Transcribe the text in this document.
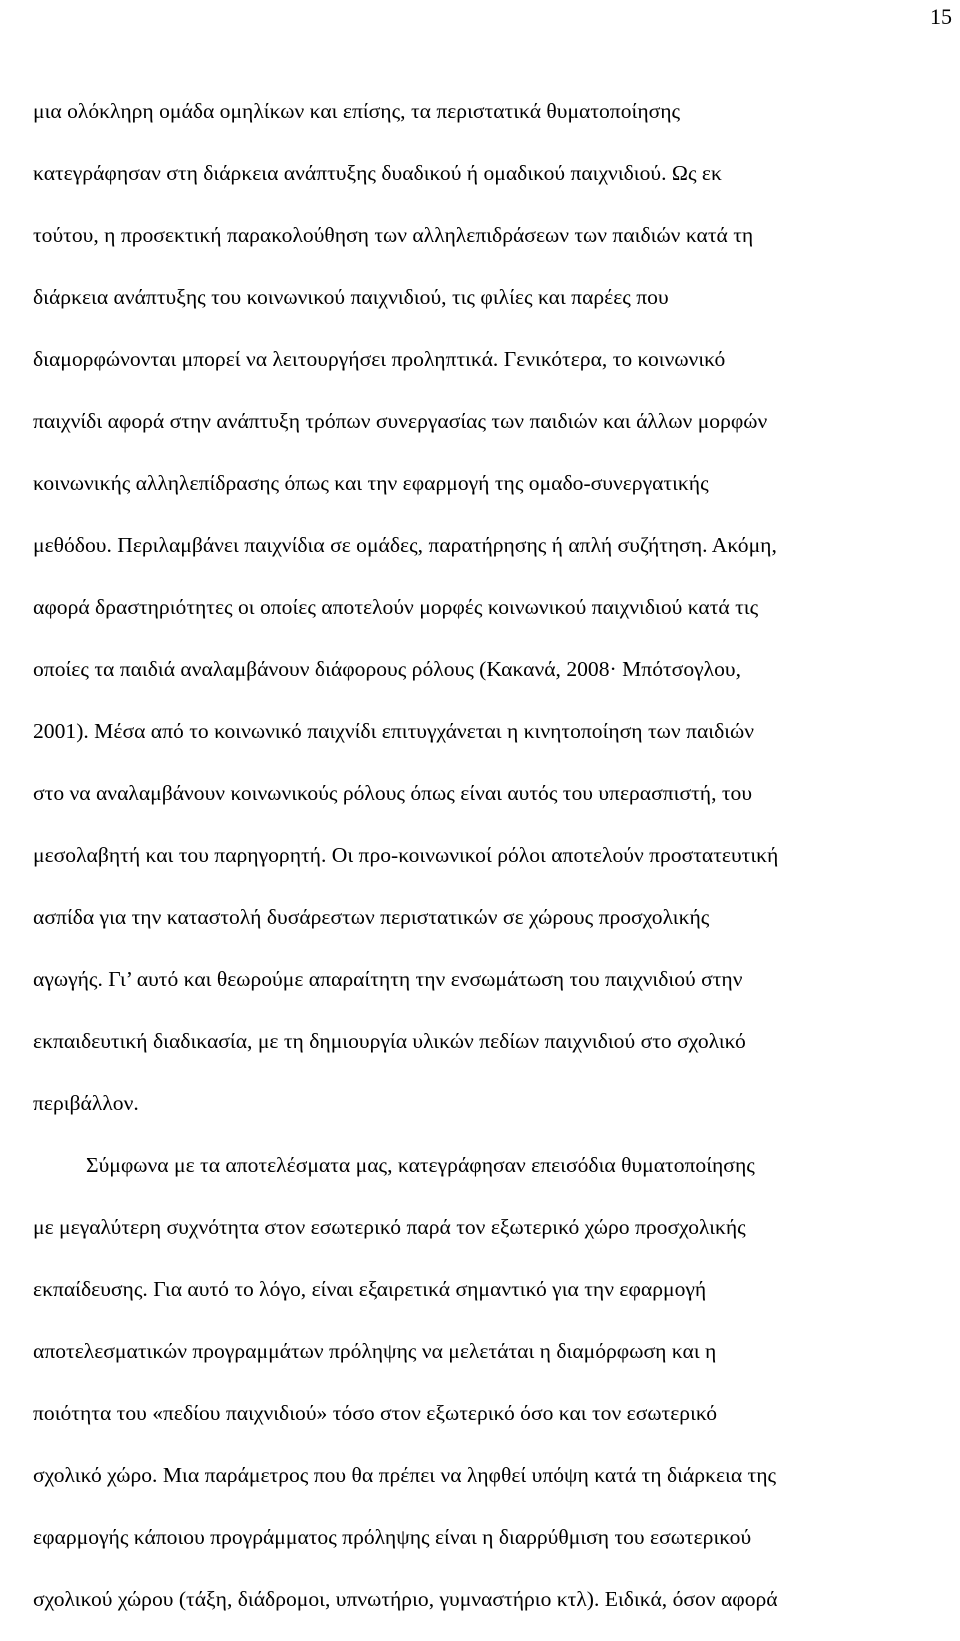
15
μια ολόκληρη ομάδα ομηλίκων και επίσης, τα περιστατικά θυματοποίησης
κατεγράφησαν στη διάρκεια ανάπτυξης δυαδικού ή ομαδικού παιχνιδιού. Ως εκ
τούτου, η προσεκτική παρακολούθηση των αλληλεπιδράσεων των παιδιών κατά τη
διάρκεια ανάπτυξης του κοινωνικού παιχνιδιού, τις φιλίες και παρέες που
διαμορφώνονται μπορεί να λειτουργήσει προληπτικά. Γενικότερα, το κοινωνικό
παιχνίδι αφορά στην ανάπτυξη τρόπων συνεργασίας των παιδιών και άλλων μορφών
κοινωνικής αλληλεπίδρασης όπως και την εφαρμογή της ομαδο-συνεργατικής
μεθόδου. Περιλαμβάνει παιχνίδια σε ομάδες, παρατήρησης ή απλή συζήτηση. Ακόμη,
αφορά δραστηριότητες οι οποίες αποτελούν μορφές κοινωνικού παιχνιδιού κατά τις
οποίες τα παιδιά αναλαμβάνουν διάφορους ρόλους (Κακανά, 2008· Μπότσογλου,
2001). Μέσα από το κοινωνικό παιχνίδι επιτυγχάνεται η κινητοποίηση των παιδιών
στο να αναλαμβάνουν κοινωνικούς ρόλους όπως είναι αυτός του υπερασπιστή, του
μεσολαβητή και του παρηγορητή. Οι προ-κοινωνικοί ρόλοι αποτελούν προστατευτική
ασπίδα για την καταστολή δυσάρεστων περιστατικών σε χώρους προσχολικής
αγωγής. Γι’ αυτό και θεωρούμε απαραίτητη την ενσωμάτωση του παιχνιδιού στην
εκπαιδευτική διαδικασία, με τη δημιουργία υλικών πεδίων παιχνιδιού στο σχολικό
περιβάλλον.
Σύμφωνα με τα αποτελέσματα μας, κατεγράφησαν επεισόδια θυματοποίησης
με μεγαλύτερη συχνότητα στον εσωτερικό παρά τον εξωτερικό χώρο προσχολικής
εκπαίδευσης. Για αυτό το λόγο, είναι εξαιρετικά σημαντικό για την εφαρμογή
αποτελεσματικών προγραμμάτων πρόληψης να μελετάται η διαμόρφωση και η
ποιότητα του «πεδίου παιχνιδιού» τόσο στον εξωτερικό όσο και τον εσωτερικό
σχολικό χώρο. Μια παράμετρος που θα πρέπει να ληφθεί υπόψη κατά τη διάρκεια της
εφαρμογής κάποιου προγράμματος πρόληψης είναι η διαρρύθμιση του εσωτερικού
σχολικού χώρου (τάξη, διάδρομοι, υπνωτήριο, γυμναστήριο κτλ). Ειδικά, όσον αφορά
